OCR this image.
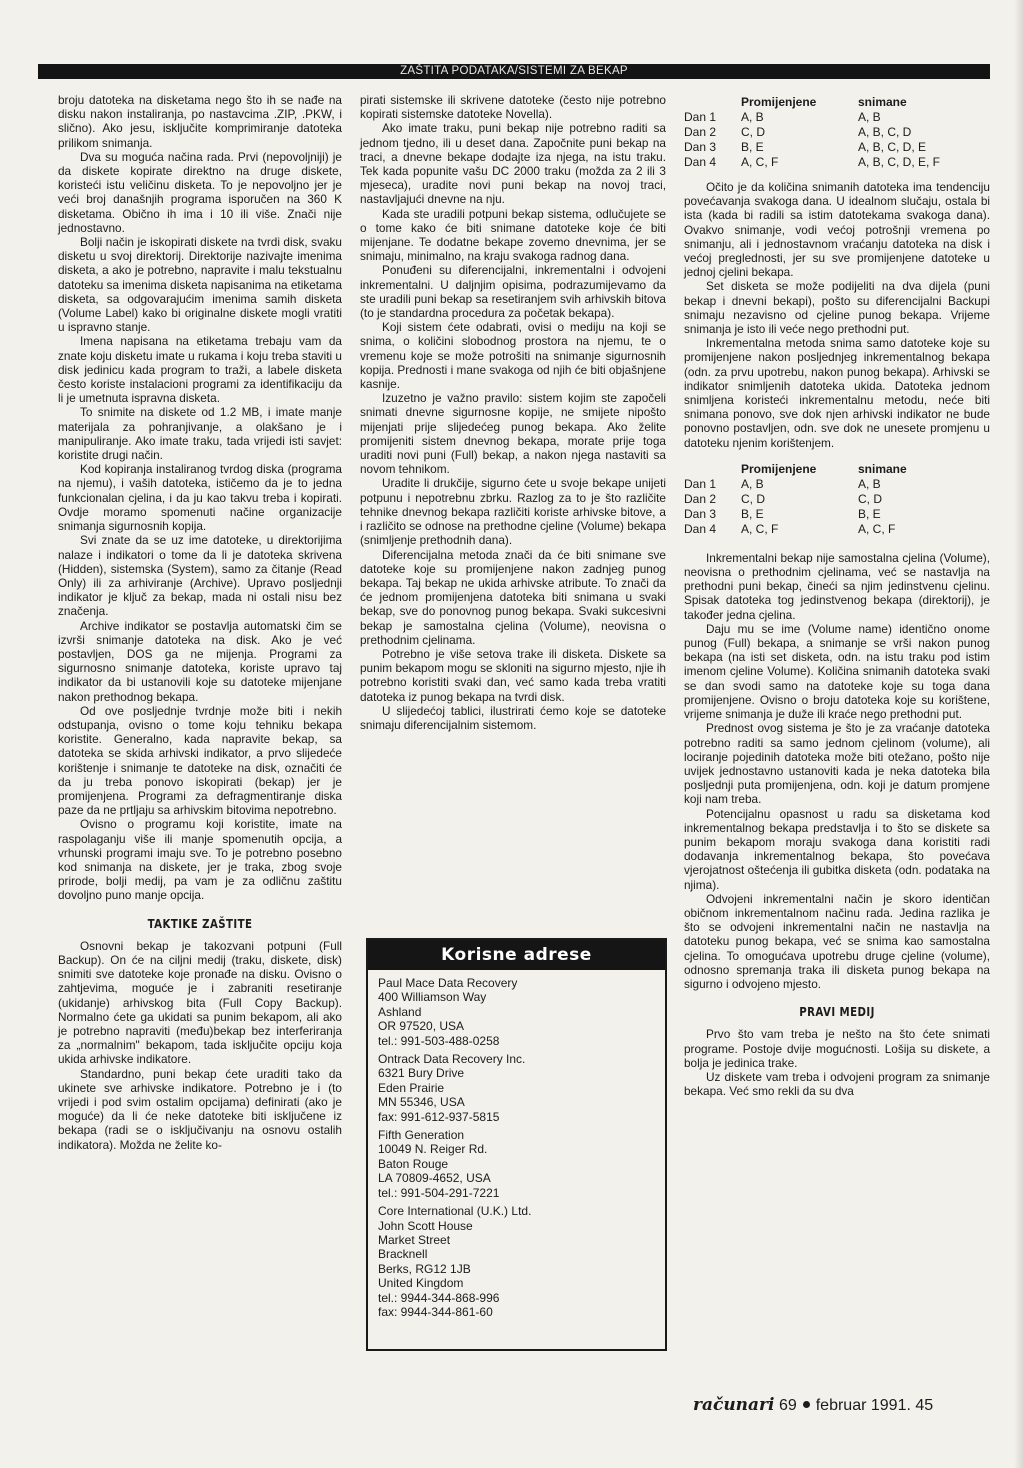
ZAŠTITA PODATAKA/SISTEMI ZA BEKAP

broju datoteka na disketama nego što ih se nađe na disku nakon instaliranja, po nastavcima .ZIP, .PKW, i slično). Ako jesu, isključite komprimiranje datoteka prilikom snimanja.

Dva su moguća načina rada. Prvi (nepovoljniji) je da diskete kopirate direktno na druge diskete, koristeći istu veličinu disketa. To je nepovoljno jer je veći broj današnjih programa isporučen na 360 K disketama. Obično ih ima i 10 ili više. Znači nije jednostavno.

Bolji način je iskopirati diskete na tvrdi disk, svaku disketu u svoj direktorij. Direktorije nazivajte imenima disketa, a ako je potrebno, napravite i malu tekstualnu datoteku sa imenima disketa napisanima na etiketama disketa, sa odgovarajućim imenima samih disketa (Volume Label) kako bi originalne diskete mogli vratiti u ispravno stanje.

Imena napisana na etiketama trebaju vam da znate koju disketu imate u rukama i koju treba staviti u disk jedinicu kada program to traži, a labele disketa često koriste instalacioni programi za identifikaciju da li je umetnuta ispravna disketa.

To snimite na diskete od 1.2 MB, i imate manje materijala za pohranjivanje, a olakšano je i manipuliranje. Ako imate traku, tada vrijedi isti savjet: koristite drugi način.

Kod kopiranja instaliranog tvrdog diska (programa na njemu), i vaših datoteka, ističemo da je to jedna funkcionalan cjelina, i da ju kao takvu treba i kopirati. Ovdje moramo spomenuti načine organizacije snimanja sigurnosnih kopija.

Svi znate da se uz ime datoteke, u direktorijima nalaze i indikatori o tome da li je datoteka skrivena (Hidden), sistemska (System), samo za čitanje (Read Only) ili za arhiviranje (Archive). Upravo posljednji indikator je ključ za bekap, mada ni ostali nisu bez značenja.

Archive indikator se postavlja automatski čim se izvrši snimanje datoteka na disk. Ako je već postavljen, DOS ga ne mijenja. Programi za sigurnosno snimanje datoteka, koriste upravo taj indikator da bi ustanovili koje su datoteke mijenjane nakon prethodnog bekapa.

Od ove posljednje tvrdnje može biti i nekih odstupanja, ovisno o tome koju tehniku bekapa koristite. Generalno, kada napravite bekap, sa datoteka se skida arhivski indikator, a prvo slijedeće korištenje i snimanje te datoteke na disk, označiti će da ju treba ponovo iskopirati (bekap) jer je promijenjena. Programi za defragmentiranje diska paze da ne prtljaju sa arhivskim bitovima nepotrebno.

Ovisno o programu koji koristite, imate na raspolaganju više ili manje spomenutih opcija, a vrhunski programi imaju sve. To je potrebno posebno kod snimanja na diskete, jer je traka, zbog svoje prirode, bolji medij, pa vam je za odličnu zaštitu dovoljno puno manje opcija.

TAKTIKE ZAŠTITE

Osnovni bekap je takozvani potpuni (Full Backup). On će na ciljni medij (traku, diskete, disk) snimiti sve datoteke koje pronađe na disku. Ovisno o zahtjevima, moguće je i zabraniti resetiranje (ukidanje) arhivskog bita (Full Copy Backup). Normalno ćete ga ukidati sa punim bekapom, ali ako je potrebno napraviti (među)bekap bez interferiranja za „normalnim" bekapom, tada isključite opciju koja ukida arhivske indikatore.

Standardno, puni bekap ćete uraditi tako da ukinete sve arhivske indikatore. Potrebno je i (to vrijedi i pod svim ostalim opcijama) definirati (ako je moguće) da li će neke datoteke biti isključene iz bekapa (radi se o isključivanju na osnovu ostalih indikatora). Možda ne želite ko-

pirati sistemske ili skrivene datoteke (često nije potrebno kopirati sistemske datoteke Novella).

Ako imate traku, puni bekap nije potrebno raditi sa jednom tjedno, ili u deset dana. Započnite puni bekap na traci, a dnevne bekape dodajte iza njega, na istu traku. Tek kada popunite vašu DC 2000 traku (možda za 2 ili 3 mjeseca), uradite novi puni bekap na novoj traci, nastavljajući dnevne na nju.

Kada ste uradili potpuni bekap sistema, odlučujete se o tome kako će biti snimane datoteke koje će biti mijenjane. Te dodatne bekape zovemo dnevnima, jer se snimaju, minimalno, na kraju svakoga radnog dana.

Ponuđeni su diferencijalni, inkrementalni i odvojeni inkrementalni. U daljnjim opisima, podrazumijevamo da ste uradili puni bekap sa resetiranjem svih arhivskih bitova (to je standardna procedura za početak bekapa).

Koji sistem ćete odabrati, ovisi o mediju na koji se snima, o količini slobodnog prostora na njemu, te o vremenu koje se može potrošiti na snimanje sigurnosnih kopija. Prednosti i mane svakoga od njih će biti objašnjene kasnije.

Izuzetno je važno pravilo: sistem kojim ste započeli snimati dnevne sigurnosne kopije, ne smijete nipošto mijenjati prije slijedećeg punog bekapa. Ako želite promijeniti sistem dnevnog bekapa, morate prije toga uraditi novi puni (Full) bekap, a nakon njega nastaviti sa novom tehnikom.

Uradite li drukčije, sigurno ćete u svoje bekape unijeti potpunu i nepotrebnu zbrku. Razlog za to je što različite tehnike dnevnog bekapa različiti koriste arhivske bitove, a i različito se odnose na prethodne cjeline (Volume) bekapa (snimljenje prethodnih dana).

Diferencijalna metoda znači da će biti snimane sve datoteke koje su promijenjene nakon zadnjeg punog bekapa. Taj bekap ne ukida arhivske atribute. To znači da će jednom promijenjena datoteka biti snimana u svaki bekap, sve do ponovnog punog bekapa. Svaki sukcesivni bekap je samostalna cjelina (Volume), neovisna o prethodnim cjelinama.

Potrebno je više setova trake ili disketa. Diskete sa punim bekapom mogu se skloniti na sigurno mjesto, njie ih potrebno koristiti svaki dan, već samo kada treba vratiti datoteka iz punog bekapa na tvrdi disk.

U slijedećoj tablici, ilustrirati ćemo koje se datoteke snimaju diferencijalnim sistemom.

Korisne adrese
Paul Mace Data Recovery
400 Williamson Way
Ashland
OR 97520, USA
tel.: 991-503-488-0258
Ontrack Data Recovery Inc.
6321 Bury Drive
Eden Prairie
MN 55346, USA
fax: 991-612-937-5815
Fifth Generation
10049 N. Reiger Rd.
Baton Rouge
LA 70809-4652, USA
tel.: 991-504-291-7221
Core International (U.K.) Ltd.
John Scott House
Market Street
Bracknell
Berks, RG12 1JB
United Kingdom
tel.: 9944-344-868-996
fax: 9944-344-861-60
	Promijenjene	snimane
Dan 1	A, B	A, B
Dan 2	C, D	A, B, C, D
Dan 3	B, E	A, B, C, D, E
Dan 4	A, C, F	A, B, C, D, E, F

Očito je da količina snimanih datoteka ima tendenciju povećavanja svakoga dana. U idealnom slučaju, ostala bi ista (kada bi radili sa istim datotekama svakoga dana). Ovakvo snimanje, vodi većoj potrošnji vremena po snimanju, ali i jednostavnom vraćanju datoteka na disk i većoj preglednosti, jer su sve promijenjene datoteke u jednoj cjelini bekapa.

Set disketa se može podijeliti na dva dijela (puni bekap i dnevni bekapi), pošto su diferencijalni Backupi snimaju nezavisno od cjeline punog bekapa. Vrijeme snimanja je isto ili veće nego prethodni put.

Inkrementalna metoda snima samo datoteke koje su promijenjene nakon posljednjeg inkrementalnog bekapa (odn. za prvu upotrebu, nakon punog bekapa). Arhivski se indikator snimljenih datoteka ukida. Datoteka jednom snimljena koristeći inkrementalnu metodu, neće biti snimana ponovo, sve dok njen arhivski indikator ne bude ponovno postavljen, odn. sve dok ne unesete promjenu u datoteku njenim korištenjem.

	Promijenjene	snimane
Dan 1	A, B	A, B
Dan 2	C, D	C, D
Dan 3	B, E	B, E
Dan 4	A, C, F	A, C, F

Inkrementalni bekap nije samostalna cjelina (Volume), neovisna o prethodnim cjelinama, već se nastavlja na prethodni puni bekap, čineći sa njim jedinstvenu cjelinu. Spisak datoteka tog jedinstvenog bekapa (direktorij), je također jedna cjelina.

Daju mu se ime (Volume name) identično onome punog (Full) bekapa, a snimanje se vrši nakon punog bekapa (na isti set disketa, odn. na istu traku pod istim imenom cjeline Volume). Količina snimanih datoteka svaki se dan svodi samo na datoteke koje su toga dana promijenjene. Ovisno o broju datoteka koje su korištene, vrijeme snimanja je duže ili kraće nego prethodni put.

Prednost ovog sistema je što je za vraćanje datoteka potrebno raditi sa samo jednom cjelinom (volume), ali lociranje pojedinih datoteka može biti otežano, pošto nije uvijek jednostavno ustanoviti kada je neka datoteka bila posljednji puta promijenjena, odn. koji je datum promjene koji nam treba.

Potencijalnu opasnost u radu sa disketama kod inkrementalnog bekapa predstavlja i to što se diskete sa punim bekapom moraju svakoga dana koristiti radi dodavanja inkrementalnog bekapa, što povećava vjerojatnost oštećenja ili gubitka disketa (odn. podataka na njima).

Odvojeni inkrementalni način je skoro identičan običnom inkrementalnom načinu rada. Jedina razlika je što se odvojeni inkrementalni način ne nastavlja na datoteku punog bekapa, već se snima kao samostalna cjelina. To omogućava upotrebu druge cjeline (volume), odnosno spremanja traka ili disketa punog bekapa na sigurno i odvojeno mjesto.

PRAVI MEDIJ

Prvo što vam treba je nešto na što ćete snimati programe. Postoje dvije mogućnosti. Lošija su diskete, a bolja je jedinica trake.

Uz diskete vam treba i odvojeni program za snimanje bekapa. Već smo rekli da su dva

računari 69 februar 1991. 45
